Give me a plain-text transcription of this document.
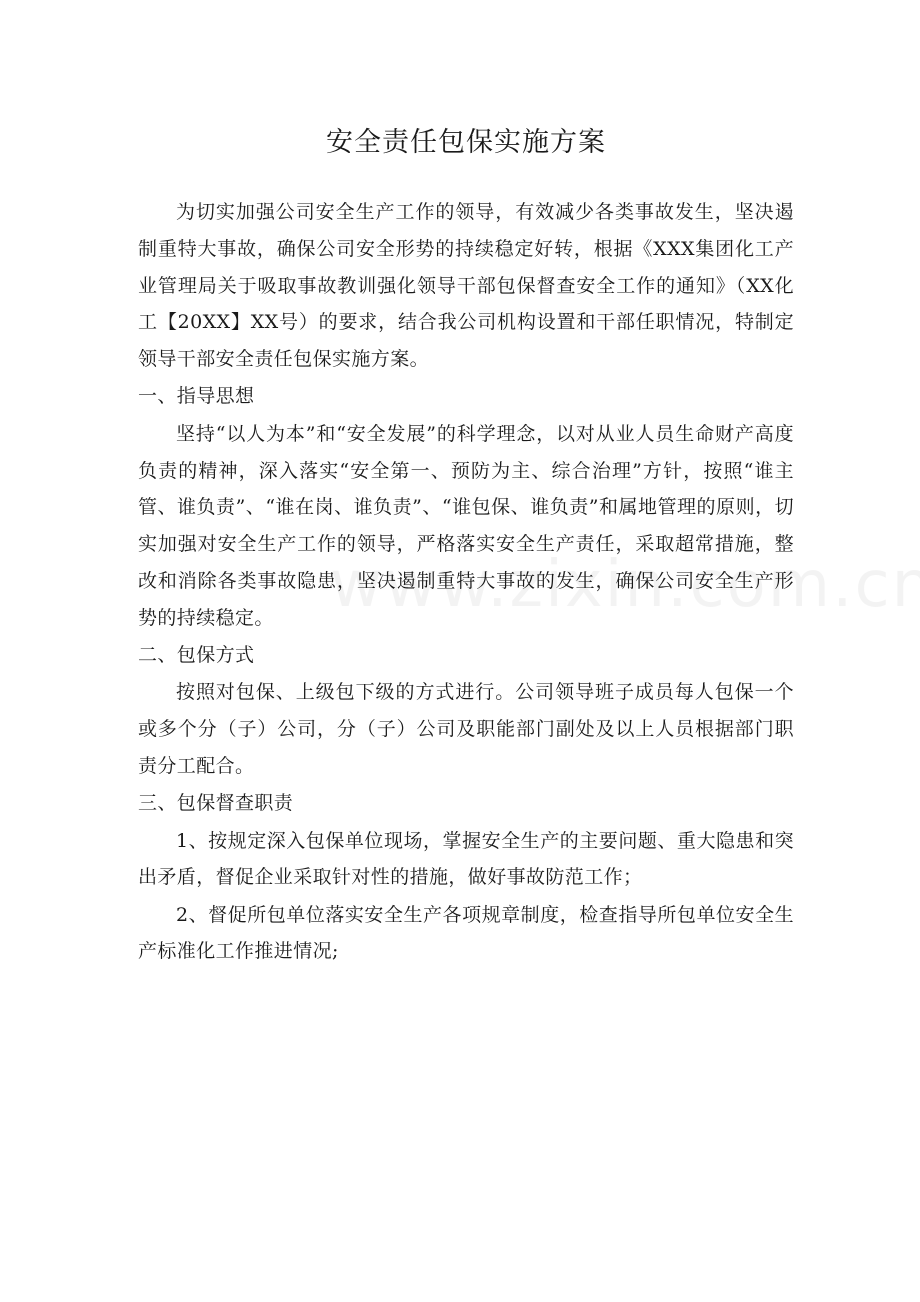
安全责任包保实施方案

为切实加强公司安全生产工作的领导，有效减少各类事故发生，坚决遏制重特大事故，确保公司安全形势的持续稳定好转，根据《XXX集团化工产业管理局关于吸取事故教训强化领导干部包保督查安全工作的通知》（XX化工【20XX】XX号）的要求，结合我公司机构设置和干部任职情况，特制定领导干部安全责任包保实施方案。

一、指导思想

坚持“以人为本”和“安全发展”的科学理念，以对从业人员生命财产高度负责的精神，深入落实“安全第一、预防为主、综合治理”方针，按照“谁主管、谁负责”、“谁在岗、谁负责”、“谁包保、谁负责”和属地管理的原则，切实加强对安全生产工作的领导，严格落实安全生产责任，采取超常措施，整改和消除各类事故隐患，坚决遏制重特大事故的发生，确保公司安全生产形势的持续稳定。

二、包保方式

按照对包保、上级包下级的方式进行。公司领导班子成员每人包保一个或多个分（子）公司，分（子）公司及职能部门副处及以上人员根据部门职责分工配合。

三、包保督查职责

1、按规定深入包保单位现场，掌握安全生产的主要问题、重大隐患和突出矛盾，督促企业采取针对性的措施，做好事故防范工作；

2、督促所包单位落实安全生产各项规章制度，检查指导所包单位安全生产标准化工作推进情况;
